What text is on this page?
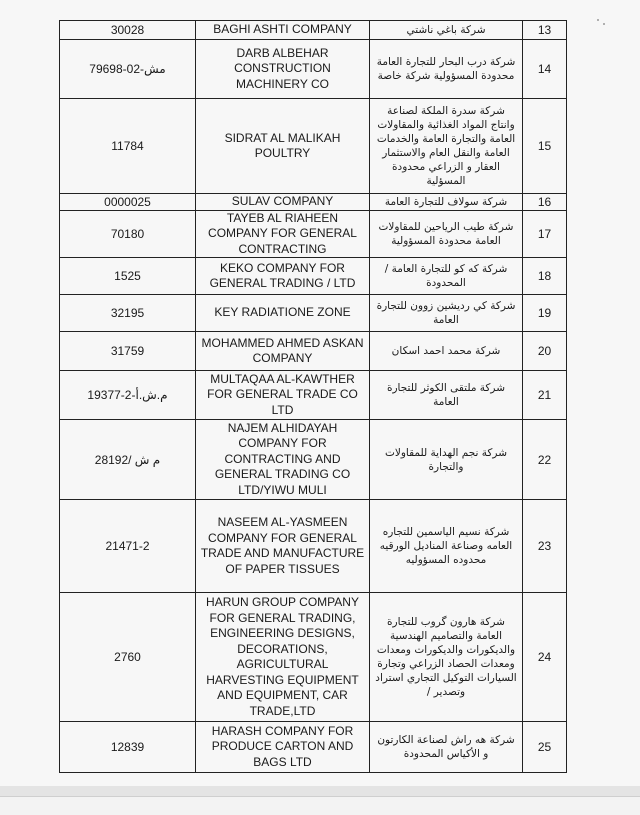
30028	BAGHI ASHTI COMPANY	شركة باغي ناشتي	13
مش-02-79698	DARB ALBEHAR CONSTRUCTION MACHINERY CO	شركة درب البحار للتجارة العامة محدودة المسؤولية شركة خاصة	14
11784	SIDRAT AL MALIKAH POULTRY	شركة سدرة الملكة لصناعة وانتاج المواد الغذائية والمقاولات العامة والتجارة العامة والخدمات العامة والنقل العام والاستثمار العقار و الزراعي محدودة المسؤلية	15
0000025	SULAV COMPANY	شركة سولاف للتجارة العامة	16
70180	TAYEB AL RIAHEEN COMPANY FOR GENERAL CONTRACTING	شركة طيب الرياحين للمقاولات العامة محدودة المسؤولية	17
1525	KEKO COMPANY FOR GENERAL TRADING / LTD	شركة كه كو للتجارة العامة / المحدودة	18
32195	KEY RADIATIONE ZONE	شركة كي رديشين زوون للتجارة العامة	19
31759	MOHAMMED AHMED ASKAN COMPANY	شركة محمد احمد اسكان	20
م.ش.أ-2-19377	MULTAQAA AL-KAWTHER FOR GENERAL TRADE CO LTD	شركة ملتقى الكوثر للتجارة العامة	21
م ش /28192	NAJEM ALHIDAYAH COMPANY FOR CONTRACTING AND GENERAL TRADING CO LTD/YIWU MULI	شركة نجم الهداية للمقاولات والتجارة	22
21471-2	NASEEM AL-YASMEEN COMPANY FOR GENERAL TRADE AND MANUFACTURE OF PAPER TISSUES	شركة نسيم الياسمين للتجاره العامه وصناعة المناديل الورقيه محدوده المسؤوليه	23
2760	HARUN GROUP COMPANY FOR GENERAL TRADING, ENGINEERING DESIGNS, DECORATIONS, AGRICULTURAL HARVESTING EQUIPMENT AND EQUIPMENT, CAR TRADE,LTD	شركة هارون گروب للتجارة العامة والتصاميم الهندسية والديكورات والديكورات ومعدات ومعدات الحصاد الزراعي وتجارة السيارات التوكيل التجاري استراد وتصدير /	24
12839	HARASH COMPANY FOR PRODUCE CARTON AND BAGS LTD	شركة هه راش لصناعة الكارتون و الأكياس المحدودة	25
